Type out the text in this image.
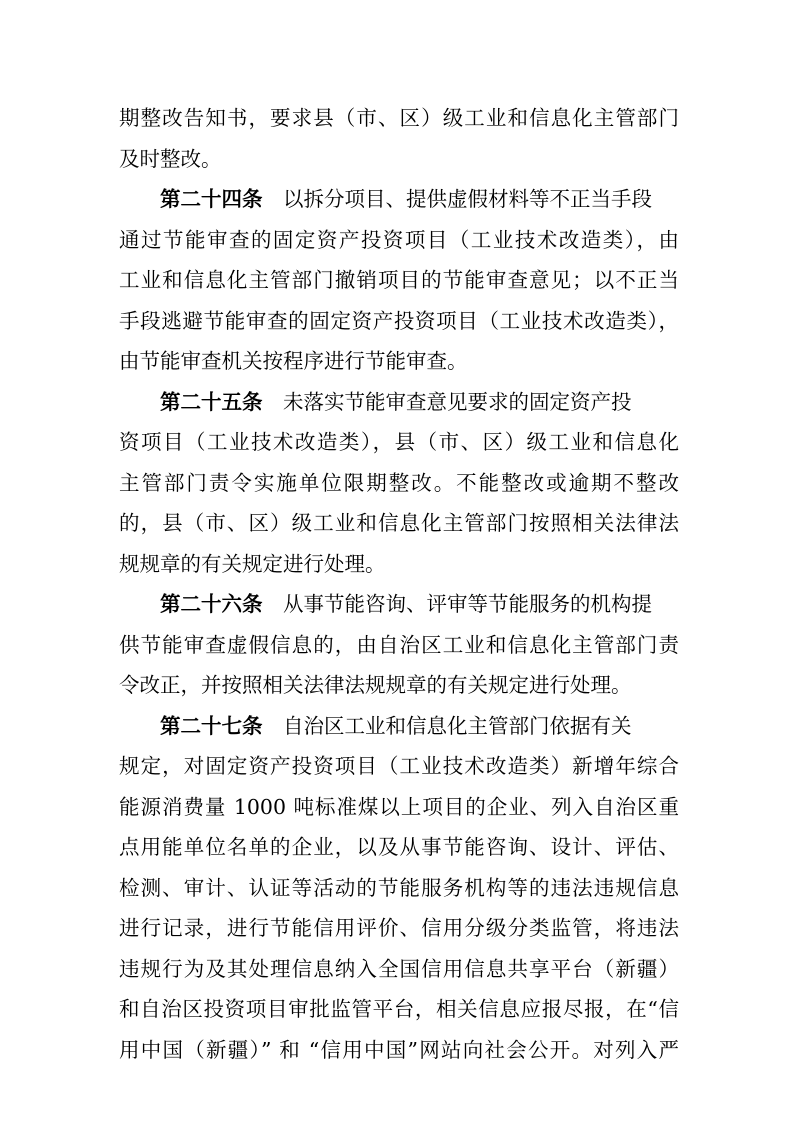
期整改告知书，要求县（市、区）级工业和信息化主管部门
及时整改。
第二十四条　 以拆分项目、提供虚假材料等不正当手段
通过节能审查的固定资产投资项目（工业技术改造类），由
工业和信息化主管部门撤销项目的节能审查意见；以不正当
手段逃避节能审查的固定资产投资项目（工业技术改造类），
由节能审查机关按程序进行节能审查。
第二十五条　 未落实节能审查意见要求的固定资产投
资项目（工业技术改造类），县（市、区）级工业和信息化
主管部门责令实施单位限期整改。不能整改或逾期不整改
的，县（市、区）级工业和信息化主管部门按照相关法律法
规规章的有关规定进行处理。
第二十六条　 从事节能咨询、评审等节能服务的机构提
供节能审查虚假信息的，由自治区工业和信息化主管部门责
令改正，并按照相关法律法规规章的有关规定进行处理。
第二十七条　 自治区工业和信息化主管部门依据有关
规定，对固定资产投资项目（工业技术改造类）新增年综合
能源消费量 1000 吨标准煤以上项目的企业、列入自治区重
点用能单位名单的企业，以及从事节能咨询、设计、评估、
检测、审计、认证等活动的节能服务机构等的违法违规信息
进行记录，进行节能信用评价、信用分级分类监管，将违法
违规行为及其处理信息纳入全国信用信息共享平台（新疆）
和自治区投资项目审批监管平台，相关信息应报尽报，在“信
用中国（新疆）” 和 “信用中国”网站向社会公开。对列入严
